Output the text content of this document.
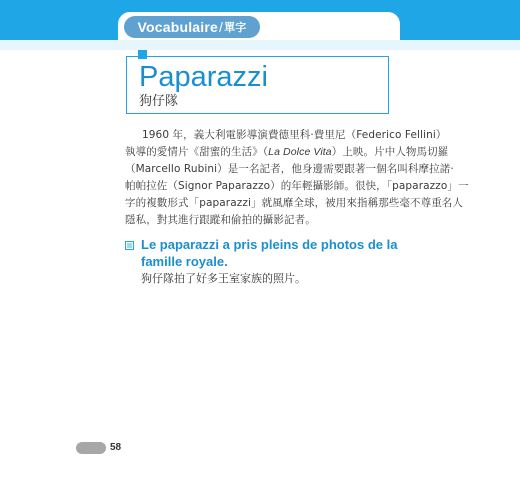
Vocabulaire / 單字
Paparazzi
狗仔隊

1960 年，義大利電影導演費德里科‧費里尼（Federico Fellini）

執導的愛情片《甜蜜的生活》（La Dolce Vita）上映。片中人物馬切羅

（Marcello Rubini）是一名記者，他身邊需要跟著一個名叫科摩拉諾‧

帕帕拉佐（Signor Paparazzo）的年輕攝影師。很快，「paparazzo」一

字的複數形式「paparazzi」就風靡全球，被用來指稱那些毫不尊重名人

隱私，對其進行跟蹤和偷拍的攝影記者。

Le paparazzi a pris pleins de photos de la famille royale.

狗仔隊拍了好多王室家族的照片。
58
